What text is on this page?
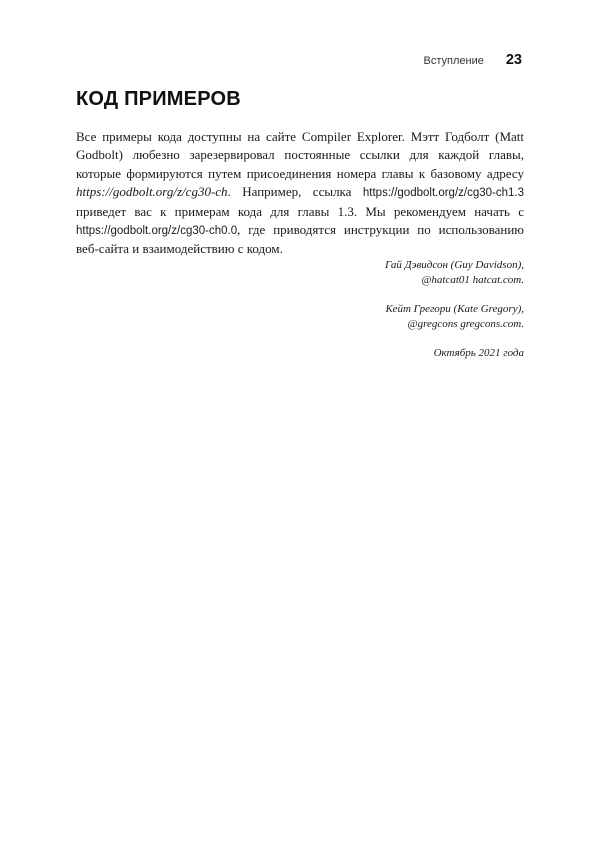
Вступление 23
КОД ПРИМЕРОВ

Все примеры кода доступны на сайте Compiler Explorer. Мэтт Годболт (Matt Godbolt) любезно зарезервировал постоянные ссылки для каждой главы, которые формируются путем присоединения номера главы к базовому адресу https://godbolt.org/z/cg30-ch. Например, ссылка https://godbolt.org/z/cg30-ch1.3 приведет вас к примерам кода для главы 1.3. Мы рекомендуем начать с https://godbolt.org/z/cg30-ch0.0, где приводятся инструкции по использованию веб-сайта и взаимодействию с кодом.

Гай Дэвидсон (Guy Davidson),

@hatcat01 hatcat.com.

Кейт Грегори (Kate Gregory),

@gregcons gregcons.com.

Октябрь 2021 года
